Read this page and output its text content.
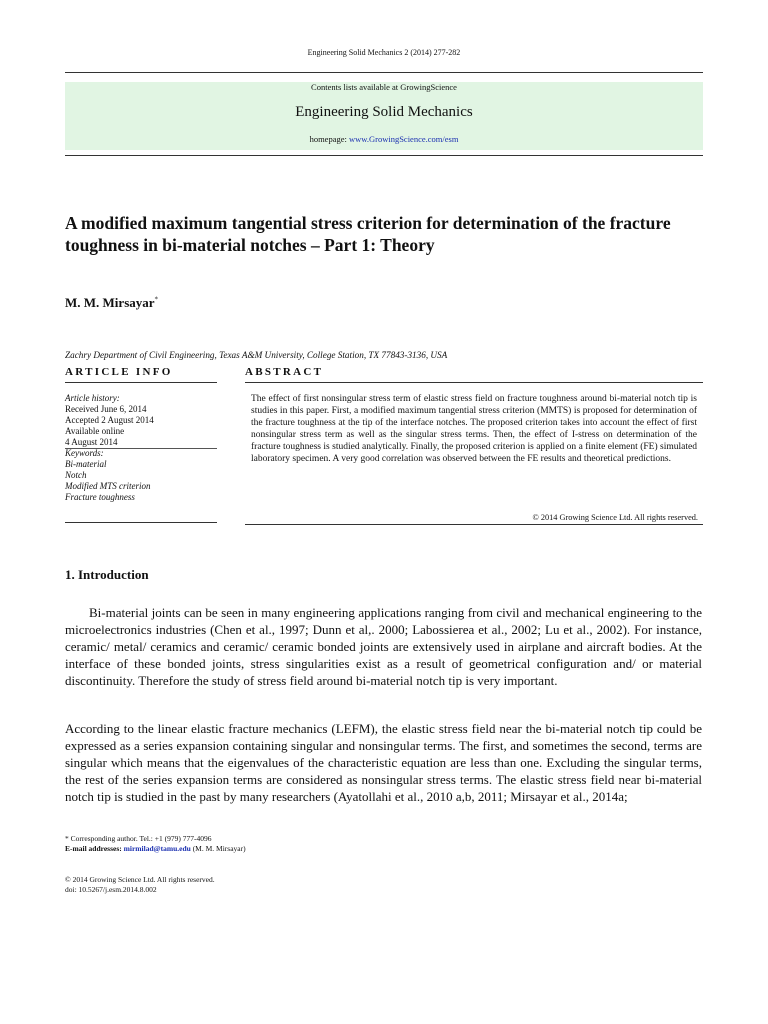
Engineering Solid Mechanics 2 (2014) 277-282
Contents lists available at GrowingScience
Engineering Solid Mechanics
homepage: www.GrowingScience.com/esm
A modified maximum tangential stress criterion for determination of the fracture toughness in bi-material notches – Part 1: Theory
M. M. Mirsayar*
Zachry Department of Civil Engineering, Texas A&M University, College Station, TX 77843-3136, USA
ARTICLE INFO	ABSTRACT
Article history:
Received June 6, 2014
Accepted 2 August 2014
Available online
4 August 2014
Keywords:
Bi-material
Notch
Modified MTS criterion
Fracture toughness
The effect of first nonsingular stress term of elastic stress field on fracture toughness around bi-material notch tip is studies in this paper. First, a modified maximum tangential stress criterion (MMTS) is proposed for determination of the fracture toughness at the tip of the interface notches. The proposed criterion takes into account the effect of first nonsingular stress term as well as the singular stress terms. Then, the effect of I-stress on determination of the fracture toughness is studied analytically. Finally, the proposed criterion is applied on a finite element (FE) simulated laboratory specimen. A very good correlation was observed between the FE results and theoretical predictions.
© 2014 Growing Science Ltd. All rights reserved.
1. Introduction
Bi-material joints can be seen in many engineering applications ranging from civil and mechanical engineering to the microelectronics industries (Chen et al., 1997; Dunn et al,. 2000; Labossierea et al., 2002; Lu et al., 2002). For instance, ceramic/ metal/ ceramics and ceramic/ ceramic bonded joints are extensively used in airplane and aircraft bodies. At the interface of these bonded joints, stress singularities exist as a result of geometrical configuration and/ or material discontinuity. Therefore the study of stress field around bi-material notch tip is very important.
According to the linear elastic fracture mechanics (LEFM), the elastic stress field near the bi-material notch tip could be expressed as a series expansion containing singular and nonsingular terms. The first, and sometimes the second, terms are singular which means that the eigenvalues of the characteristic equation are less than one. Excluding the singular terms, the rest of the series expansion terms are considered as nonsingular stress terms. The elastic stress field near bi-material notch tip is studied in the past by many researchers (Ayatollahi et al., 2010 a,b, 2011; Mirsayar et al., 2014a;
* Corresponding author. Tel.: +1 (979) 777-4096
E-mail addresses: mirmilad@tamu.edu (M. M. Mirsayar)
© 2014 Growing Science Ltd. All rights reserved.
doi: 10.5267/j.esm.2014.8.002
